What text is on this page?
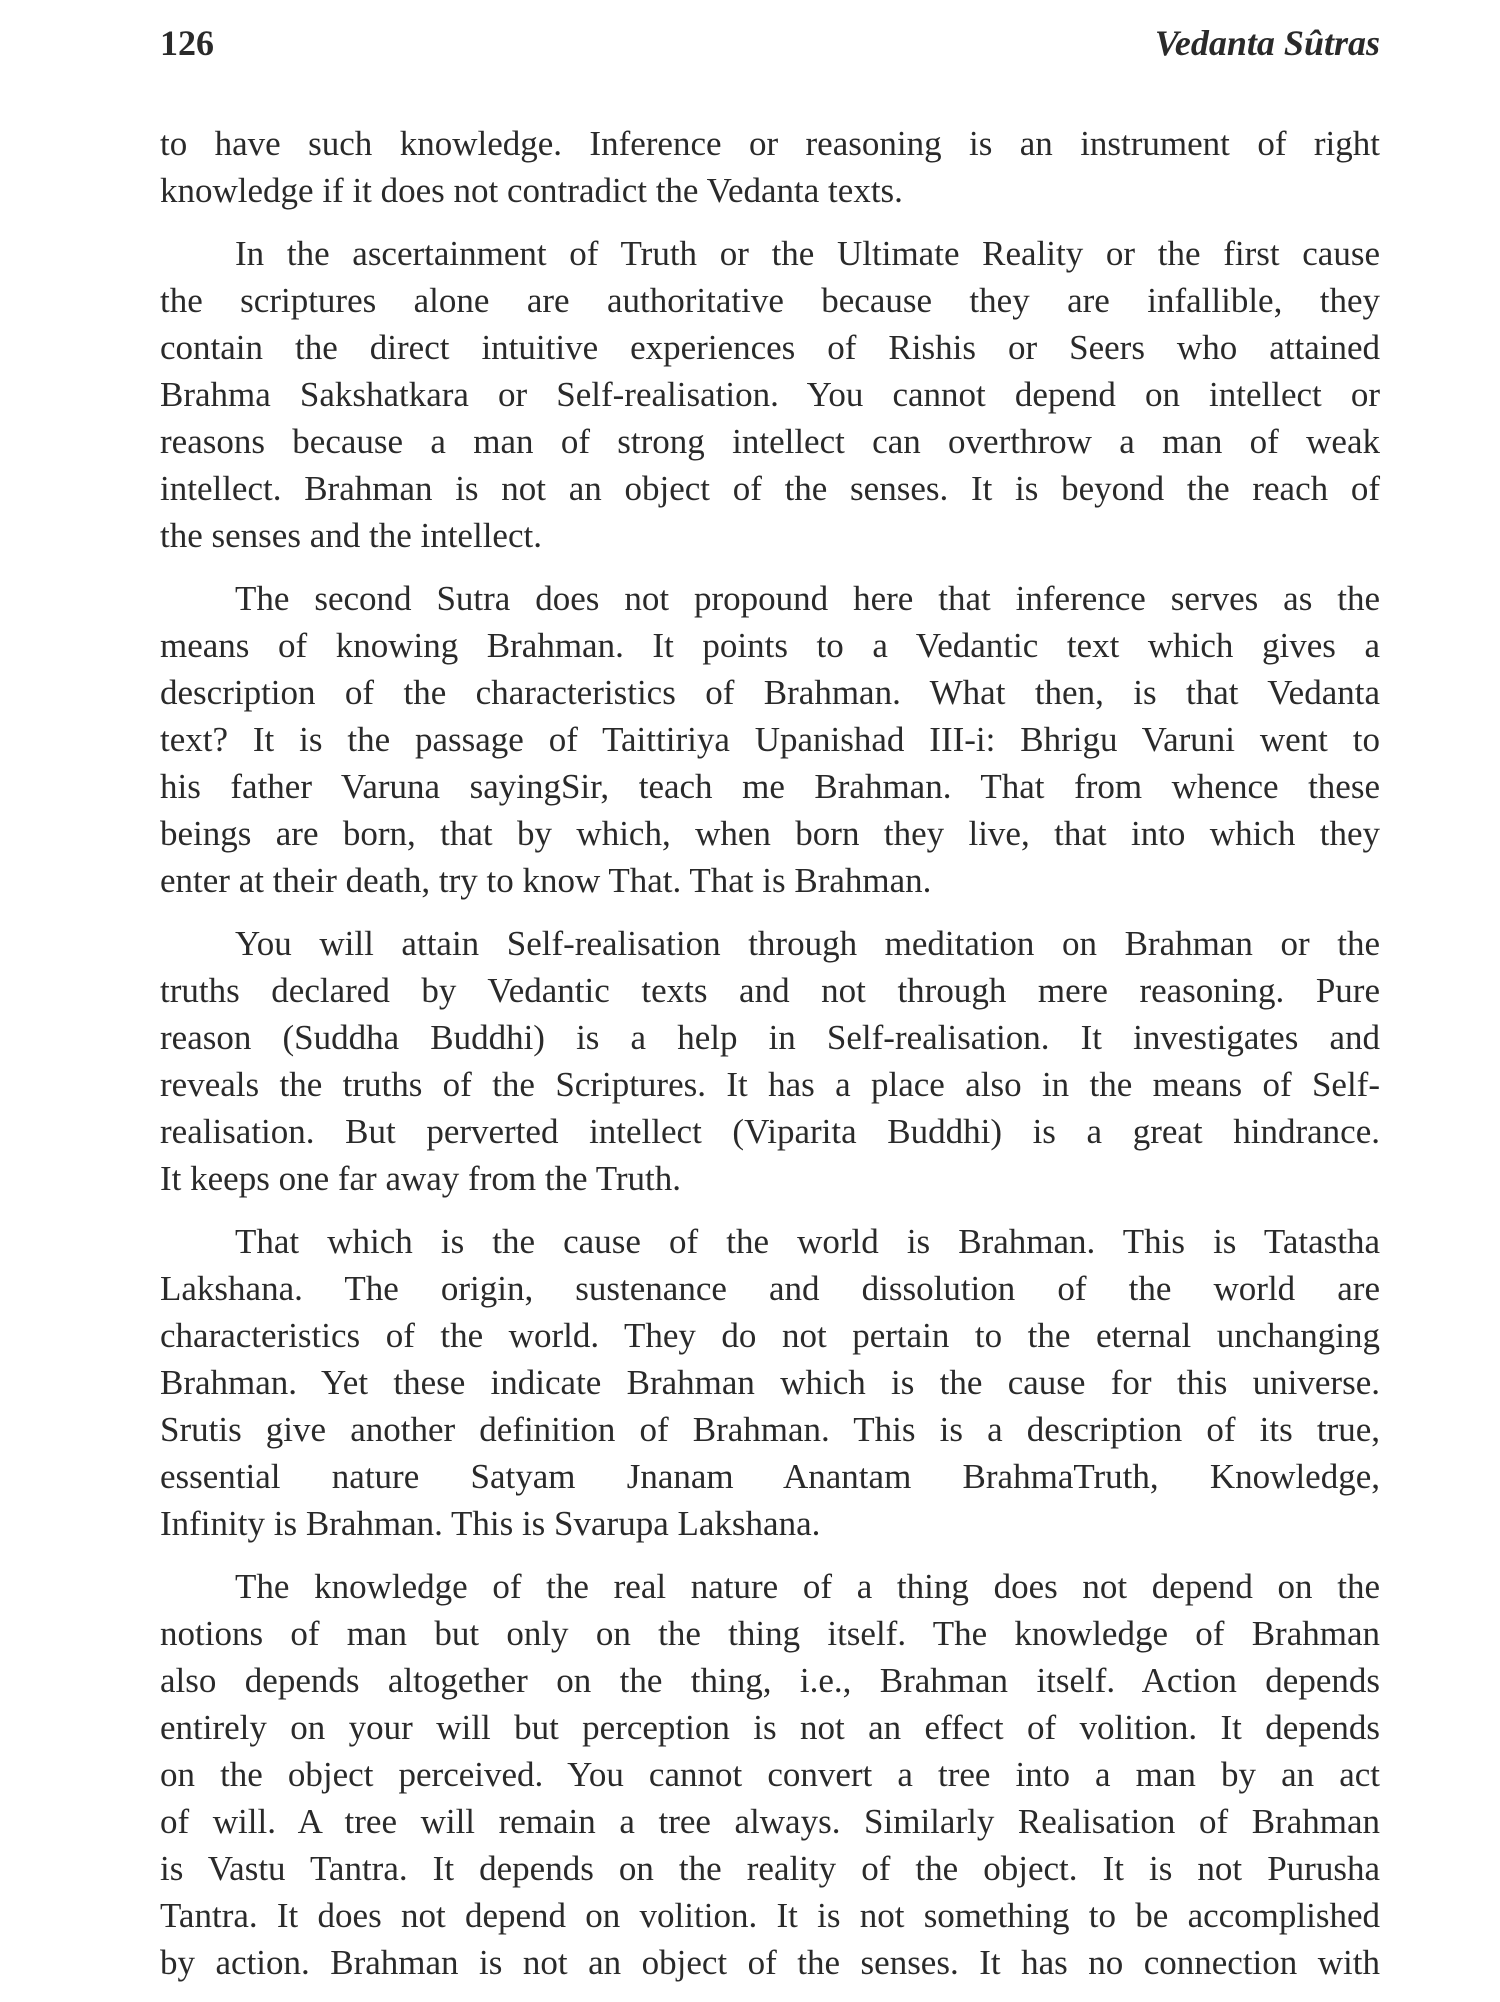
126	Vedanta Sûtras
to have such knowledge. Inference or reasoning is an instrument of right
knowledge if it does not contradict the Vedanta texts.
In the ascertainment of Truth or the Ultimate Reality or the first cause
the scriptures alone are authoritative because they are infallible, they
contain the direct intuitive experiences of Rishis or Seers who attained
Brahma Sakshatkara or Self-realisation. You cannot depend on intellect or
reasons because a man of strong intellect can overthrow a man of weak
intellect. Brahman is not an object of the senses. It is beyond the reach of
the senses and the intellect.
The second Sutra does not propound here that inference serves as the
means of knowing Brahman. It points to a Vedantic text which gives a
description of the characteristics of Brahman. What then, is that Vedanta
text? It is the passage of Taittiriya Upanishad III-i: Bhrigu Varuni went to
his father Varuna sayingSir, teach me Brahman. That from whence these
beings are born, that by which, when born they live, that into which they
enter at their death, try to know That. That is Brahman.
You will attain Self-realisation through meditation on Brahman or the
truths declared by Vedantic texts and not through mere reasoning. Pure
reason (Suddha Buddhi) is a help in Self-realisation. It investigates and
reveals the truths of the Scriptures. It has a place also in the means of Self-
realisation. But perverted intellect (Viparita Buddhi) is a great hindrance.
It keeps one far away from the Truth.
That which is the cause of the world is Brahman. This is Tatastha
Lakshana. The origin, sustenance and dissolution of the world are
characteristics of the world. They do not pertain to the eternal unchanging
Brahman. Yet these indicate Brahman which is the cause for this universe.
Srutis give another definition of Brahman. This is a description of its true,
essential nature Satyam Jnanam Anantam BrahmaTruth, Knowledge,
Infinity is Brahman. This is Svarupa Lakshana.
The knowledge of the real nature of a thing does not depend on the
notions of man but only on the thing itself. The knowledge of Brahman
also depends altogether on the thing, i.e., Brahman itself. Action depends
entirely on your will but perception is not an effect of volition. It depends
on the object perceived. You cannot convert a tree into a man by an act
of will. A tree will remain a tree always. Similarly Realisation of Brahman
is Vastu Tantra. It depends on the reality of the object. It is not Purusha
Tantra. It does not depend on volition. It is not something to be accomplished
by action. Brahman is not an object of the senses. It has no connection with
